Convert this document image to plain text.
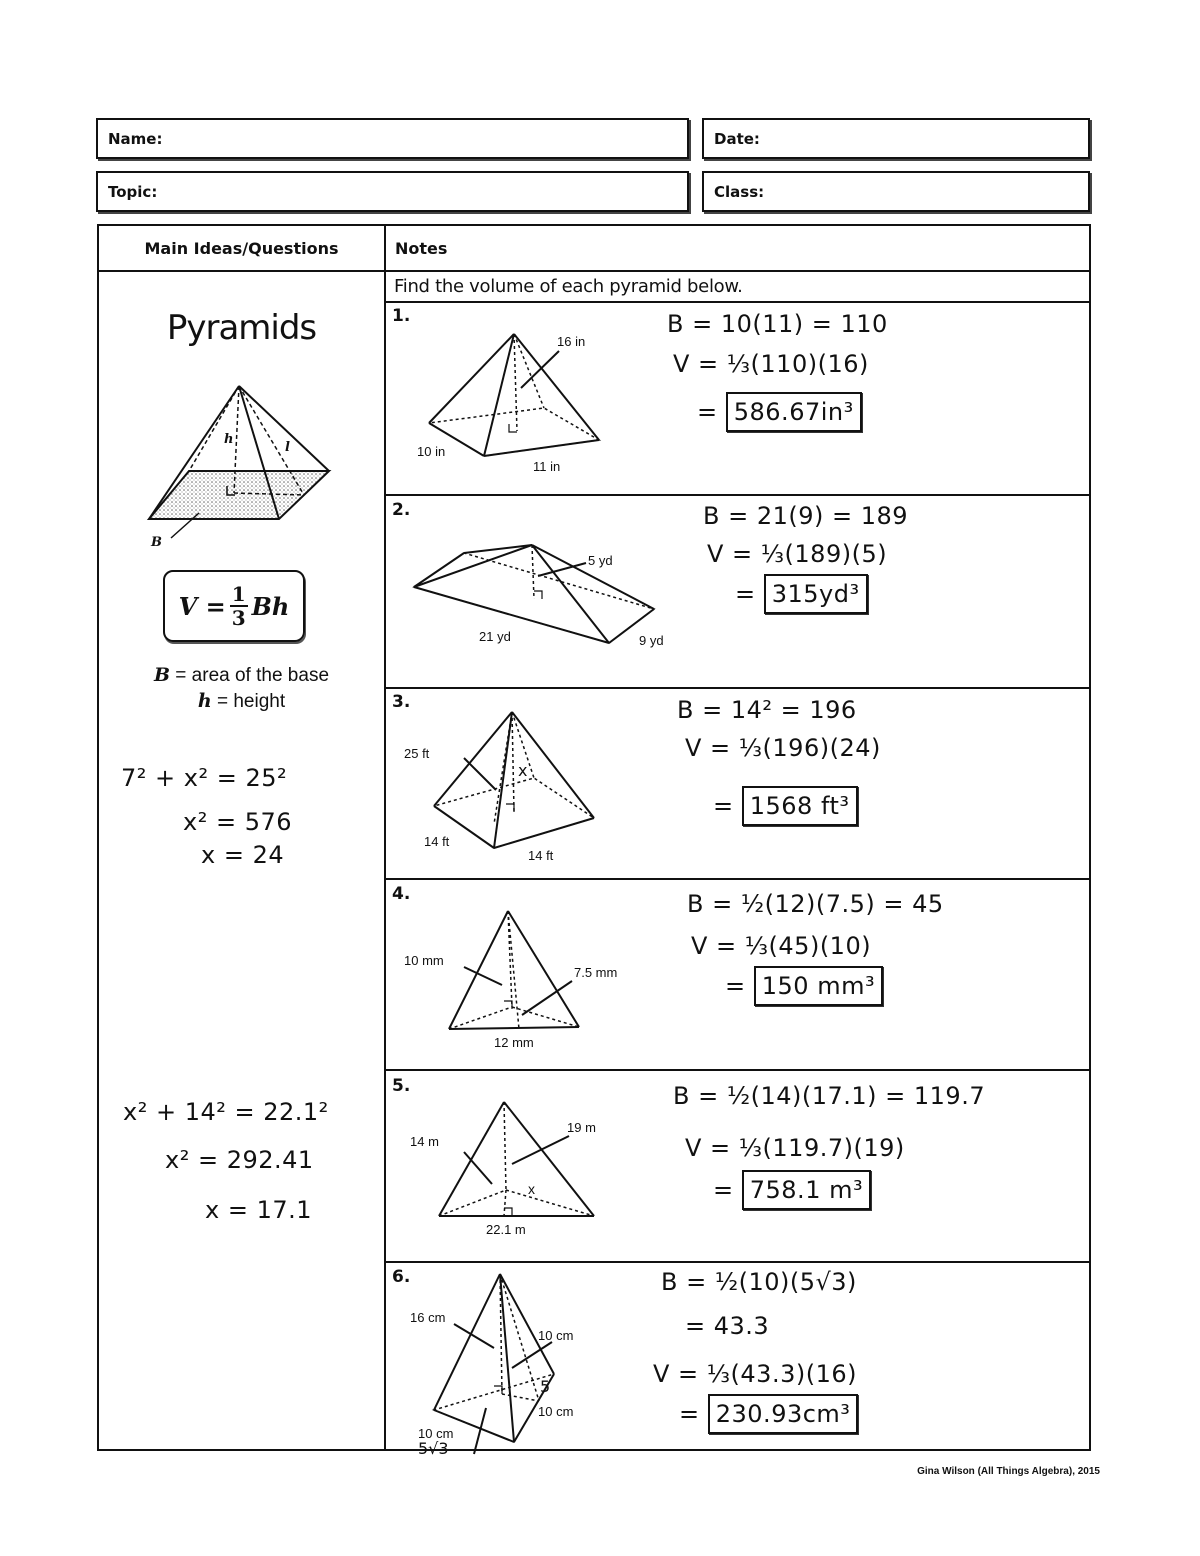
Name:	Date:
Topic:	Class:
Main Ideas/Questions	Notes
Find the volume of each pyramid below.
Pyramids
h
l
B
$V = \frac{1}{3}$ Bh
B = area of the base
h = height
7² + x² = 25²
x² = 576
x = 24
x² + 14² = 22.1²
x² = 292.41
x = 17.1
1.
16 in
10 in
11 in
B = 10(11) = 110
V = ⅓(110)(16)
= 586.67in³
2.
5 yd
21 yd	9 yd
B = 21(9) = 189
V = ⅓(189)(5)
= 315yd³
3.
25 ft
14 ft
14 ft
x
B = 14² = 196
V = ⅓(196)(24)
= 1568 ft³
4.
10 mm
7.5 mm
12 mm
B = ½(12)(7.5) = 45
V = ⅓(45)(10)
= 150 mm³
5.
14 m
19 m
22.1 m
x
B = ½(14)(17.1) = 119.7
V = ⅓(119.7)(19)
= 758.1 m³
6.
16 cm
10 cm
10 cm
10 cm
5
5√3
B = ½(10)(5√3)
= 43.3
V = ⅓(43.3)(16)
= 230.93cm³
Gina Wilson (All Things Algebra), 2015
